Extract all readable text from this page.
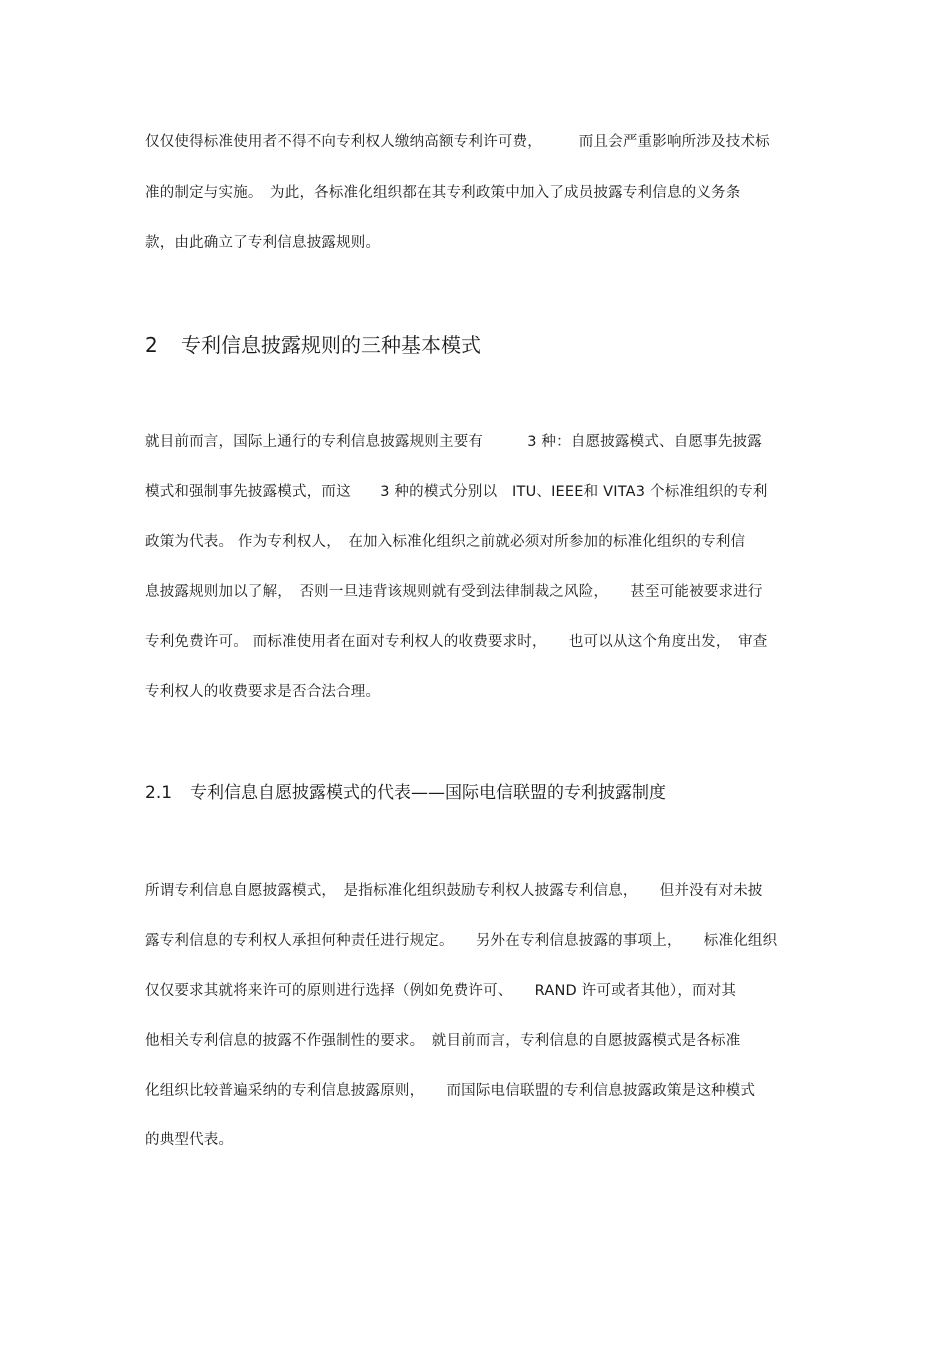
仅仅使得标准使用者不得不向专利权人缴纳高额专利许可费，　　　而且会严重影响所涉及技术标
准的制定与实施。　为此，各标准化组织都在其专利政策中加入了成员披露专利信息的义务条
款，由此确立了专利信息披露规则。
2 专利信息披露规则的三种基本模式
就目前而言，国际上通行的专利信息披露规则主要有　　　3 种：自愿披露模式、自愿事先披露
模式和强制事先披露模式，而这　　3 种的模式分别以　ITU、IEEE和 VITA3 个标准组织的专利
政策为代表。 作为专利权人，　在加入标准化组织之前就必须对所参加的标准化组织的专利信
息披露规则加以了解，　否则一旦违背该规则就有受到法律制裁之风险，　　甚至可能被要求进行
专利免费许可。 而标准使用者在面对专利权人的收费要求时，　　也可以从这个角度出发，　审查
专利权人的收费要求是否合法合理。
2.1 专利信息自愿披露模式的代表——国际电信联盟的专利披露制度
所谓专利信息自愿披露模式，　是指标准化组织鼓励专利权人披露专利信息，　　但并没有对未披
露专利信息的专利权人承担何种责任进行规定。　　另外在专利信息披露的事项上，　　标准化组织
仅仅要求其就将来许可的原则进行选择（例如免费许可、　　RAND 许可或者其他），而对其
他相关专利信息的披露不作强制性的要求。　就目前而言，专利信息的自愿披露模式是各标准
化组织比较普遍采纳的专利信息披露原则，　　而国际电信联盟的专利信息披露政策是这种模式
的典型代表。
